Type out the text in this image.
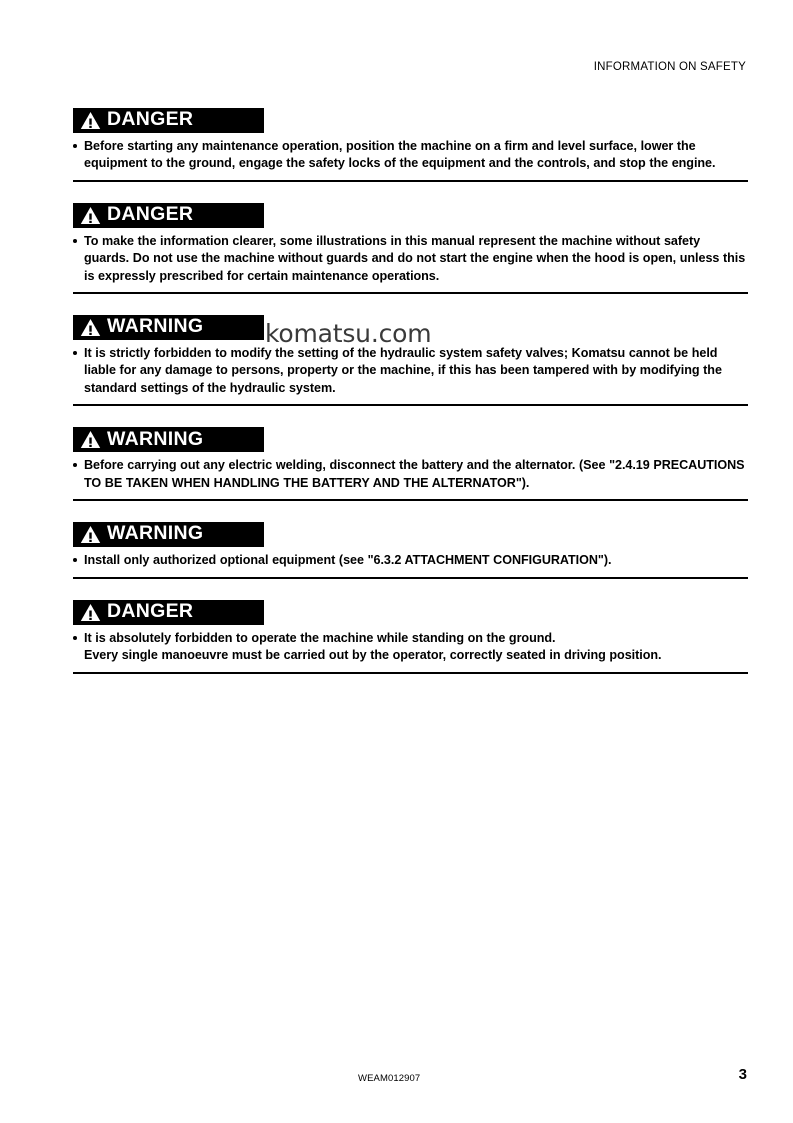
INFORMATION ON SAFETY
DANGER
Before starting any maintenance operation, position the machine on a firm and level surface, lower the equipment to the ground, engage the safety locks of the equipment and the controls, and stop the engine.
DANGER
To make the information clearer, some illustrations in this manual represent the machine without safety guards. Do not use the machine without guards and do not start the engine when the hood is open, unless this is expressly prescribed for certain maintenance operations.
komatsu.com
WARNING
It is strictly forbidden to modify the setting of the hydraulic system safety valves; Komatsu cannot be held liable for any damage to persons, property or the machine, if this has been tampered with by modifying the standard settings of the hydraulic system.
WARNING
Before carrying out any electric welding, disconnect the battery and the alternator. (See "2.4.19 PRECAUTIONS TO BE TAKEN WHEN HANDLING THE BATTERY AND THE ALTERNATOR").
WARNING
Install only authorized optional equipment (see "6.3.2 ATTACHMENT CONFIGURATION").
DANGER
It is absolutely forbidden to operate the machine while standing on the ground.
Every single manoeuvre must be carried out by the operator, correctly seated in driving position.
WEAM012907	3
